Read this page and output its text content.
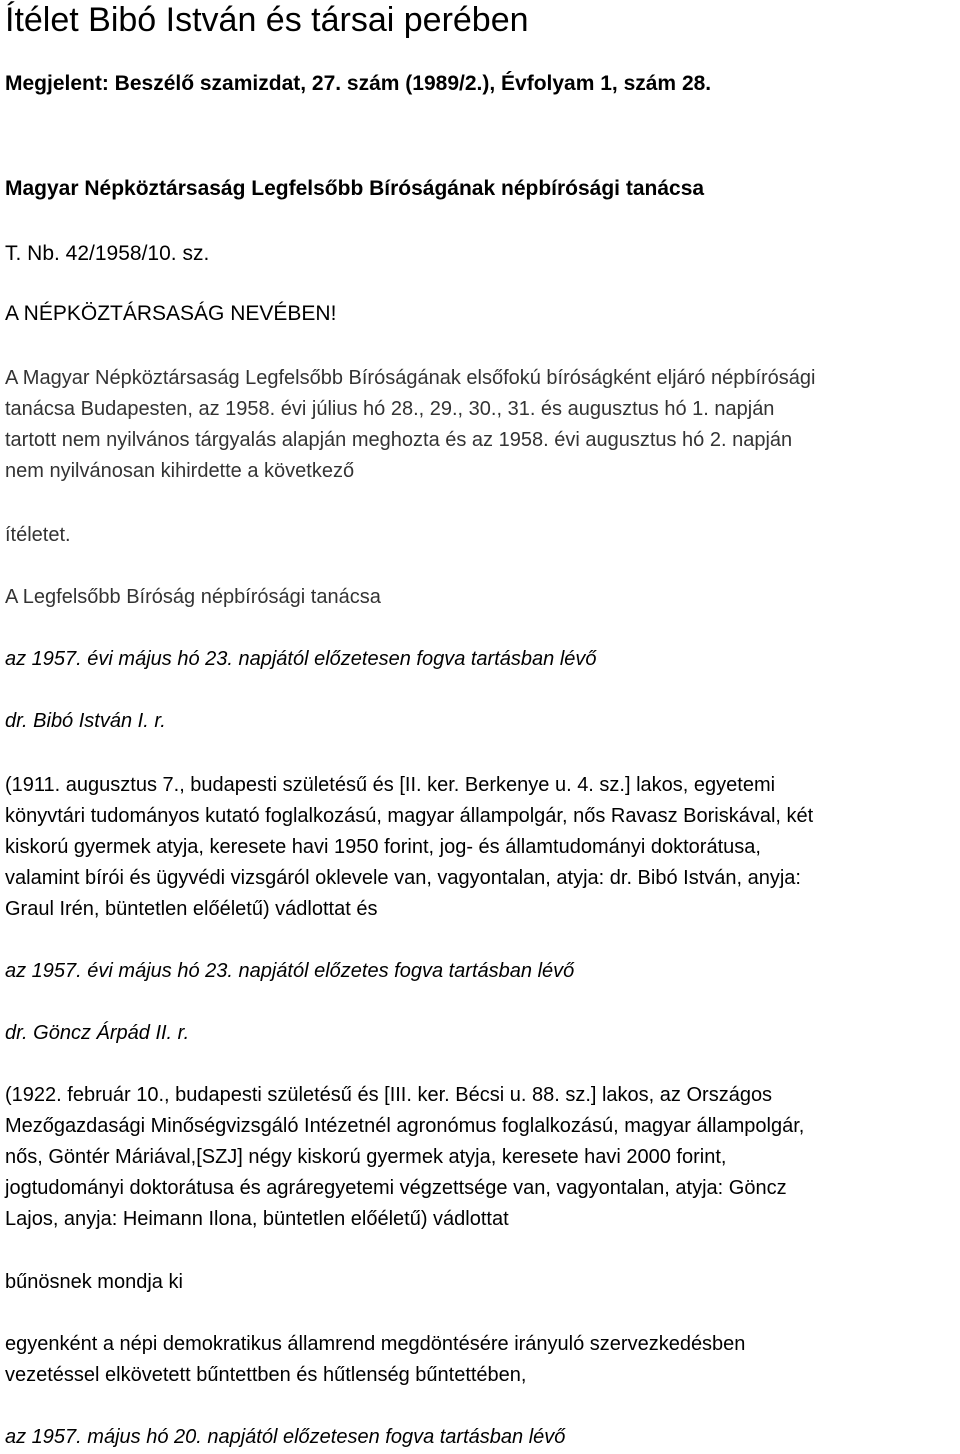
Ítélet Bibó István és társai perében

Megjelent: Beszélő szamizdat, 27. szám (1989/2.), Évfolyam 1, szám 28.

Magyar Népköztársaság Legfelsőbb Bíróságának népbírósági tanácsa

T. Nb. 42/1958/10. sz.

A NÉPKÖZTÁRSASÁG NEVÉBEN!

A Magyar Népköztársaság Legfelsőbb Bíróságának elsőfokú bíróságként eljáró népbírósági

tanácsa Budapesten, az 1958. évi július hó 28., 29., 30., 31. és augusztus hó 1. napján

tartott nem nyilvános tárgyalás alapján meghozta és az 1958. évi augusztus hó 2. napján

nem nyilvánosan kihirdette a következő

ítéletet.

A Legfelsőbb Bíróság népbírósági tanácsa

az 1957. évi május hó 23. napjától előzetesen fogva tartásban lévő

dr. Bibó István I. r.

(1911. augusztus 7., budapesti születésű és [II. ker. Berkenye u. 4. sz.] lakos, egyetemi

könyvtári tudományos kutató foglalkozású, magyar állampolgár, nős Ravasz Boriskával, két

kiskorú gyermek atyja, keresete havi 1950 forint, jog- és államtudományi doktorátusa,

valamint bírói és ügyvédi vizsgáról oklevele van, vagyontalan, atyja: dr. Bibó István, anyja:

Graul Irén, büntetlen előéletű) vádlottat és

az 1957. évi május hó 23. napjától előzetes fogva tartásban lévő

dr. Göncz Árpád II. r.

(1922. február 10., budapesti születésű és [III. ker. Bécsi u. 88. sz.] lakos, az Országos

Mezőgazdasági Minőségvizsgáló Intézetnél agronómus foglalkozású, magyar állampolgár,

nős, Göntér Máriával,[SZJ] négy kiskorú gyermek atyja, keresete havi 2000 forint,

jogtudományi doktorátusa és agráregyetemi végzettsége van, vagyontalan, atyja: Göncz

Lajos, anyja: Heimann Ilona, büntetlen előéletű) vádlottat

bűnösnek mondja ki

egyenként a népi demokratikus államrend megdöntésére irányuló szervezkedésben

vezetéssel elkövetett bűntettben és hűtlenség bűntettében,

az 1957. május hó 20. napjától előzetesen fogva tartásban lévő
